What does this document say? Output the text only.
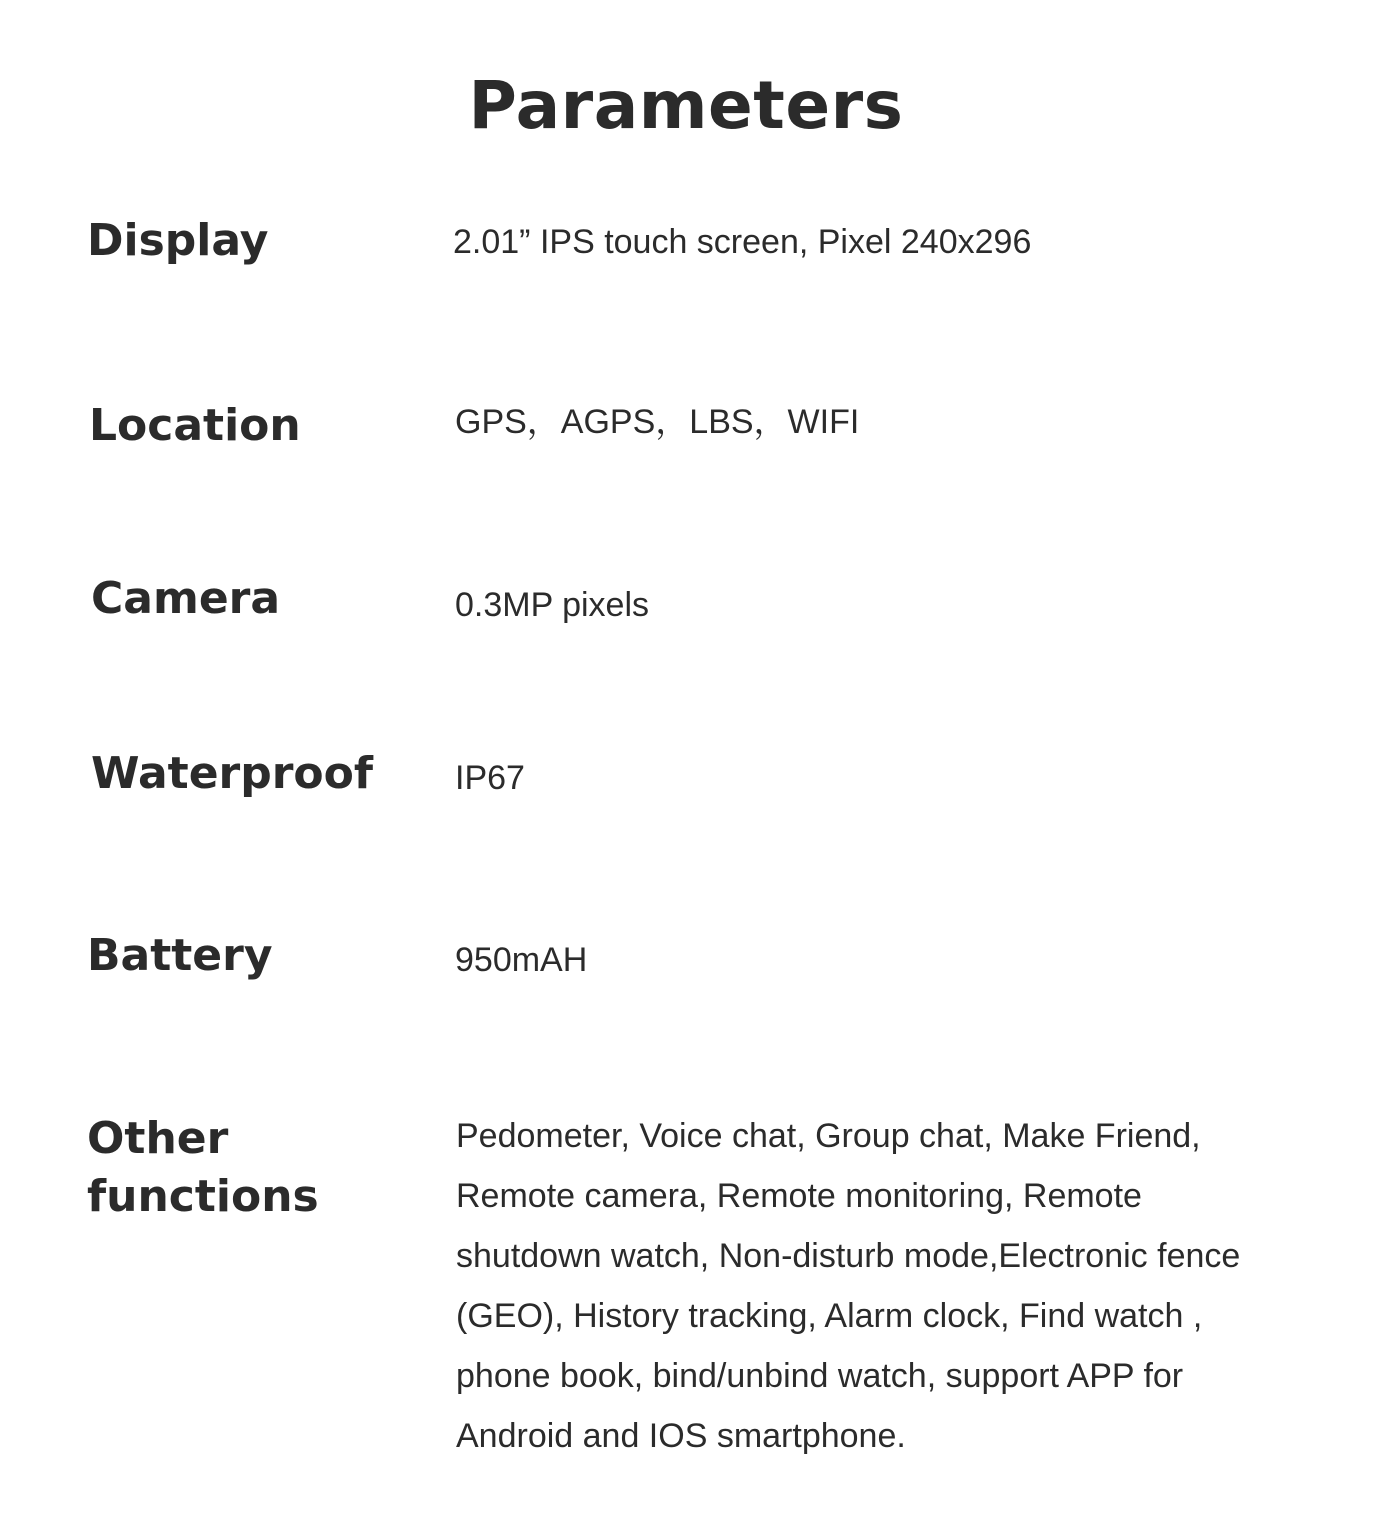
Parameters
Display	2.01” IPS touch screen, Pixel 240x296
Location	GPS，AGPS，LBS，WIFI
Camera	0.3MP pixels
Waterproof IP67
Battery	950mAH
Other functions
Pedometer, Voice chat, Group chat, Make Friend, Remote camera, Remote monitoring, Remote shutdown watch, Non-disturb mode,Electronic fence (GEO), History tracking, Alarm clock, Find watch , phone book, bind/unbind watch, support APP for Android and IOS smartphone.
